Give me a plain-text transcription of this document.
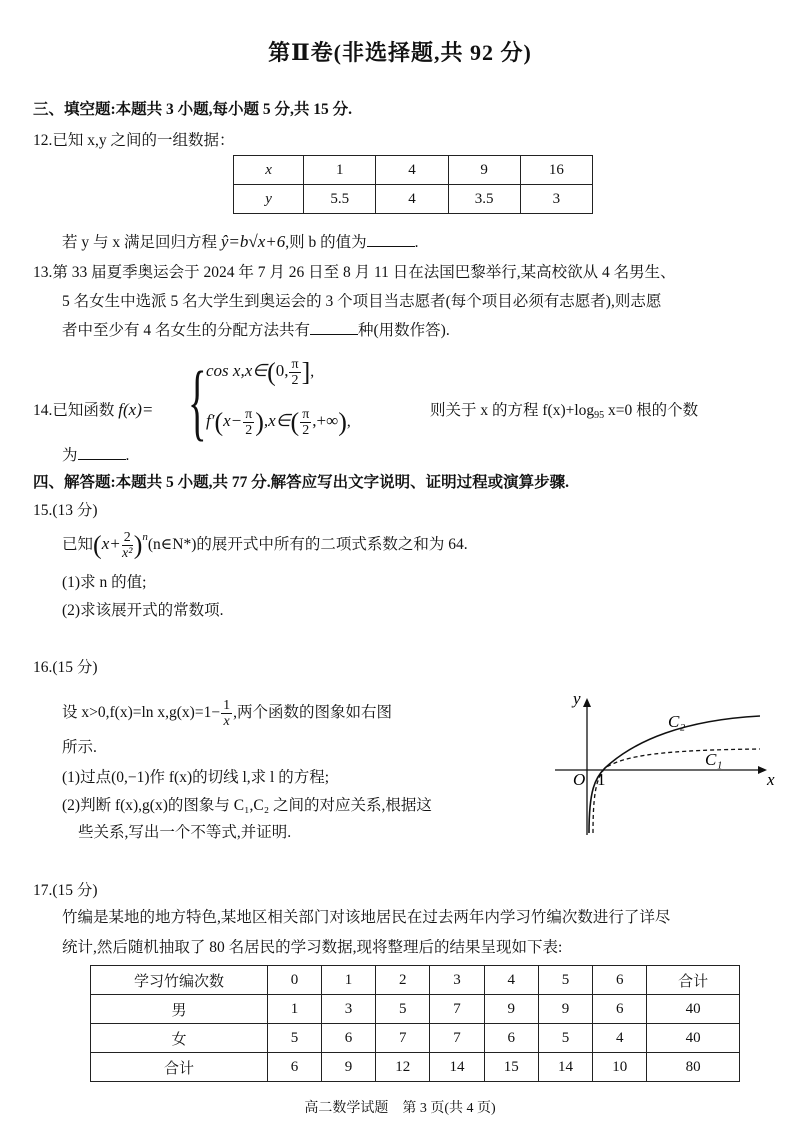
第Ⅱ卷(非选择题,共 92 分)
三、填空题:本题共 3 小题,每小题 5 分,共 15 分.
12.已知 x,y 之间的一组数据：
x	1	4	9	16
y	5.5	4	3.5	3
若 y 与 x 满足回归方程 ŷ=b√x+6,则 b 的值为	.
13.第 33 届夏季奥运会于 2024 年 7 月 26 日至 8 月 11 日在法国巴黎举行,某高校欲从 4 名男生、
5 名女生中选派 5 名大学生到奥运会的 3 个项目当志愿者(每个项目必须有志愿者),则志愿
者中至少有 4 名女生的分配方法共有	种(用数作答).
14.已知函数 f(x)= { cos x,x∈(0, $\frac{\pi}{2}$ ],
$f'(x- \frac{\pi}{2}$ ),x∈( $\frac{\pi}{2}$ ,+∞),
则关于 x 的方程 $f(x)+\log_{95}$ x=0 根的个数
为	.
四、解答题:本题共 5 小题,共 77 分.解答应写出文字说明、证明过程或演算步骤.
15.(13 分)
已知($x+ \frac{2}{\text{x²}}$ )$^n(n\in N*)$的展开式中所有的二项式系数之和为 64.
(1)求 n 的值;
(2)求该展开式的常数项.
16.(15 分)
设 x>0,f(x)=ln $x,g(x)=1- \frac{1}{x}$ ,两个函数的图象如右图
所示.
(1)过点(0,−1)作 f(x)的切线 l,求 l 的方程;
(2)判断 f(x),g(x)的图象与 C₁,C₂ 之间的对应关系,根据这
些关系,写出一个不等式,并证明.
y
x
O 1
C₂
C₁
17.(15 分)
竹编是某地的地方特色,某地区相关部门对该地居民在过去两年内学习竹编次数进行了详尽
统计,然后随机抽取了 80 名居民的学习数据,现将整理后的结果呈现如下表:
学习竹编次数	0	1	2	3	4	5	6	合计
男	1	3	5	7	9	9	6	40
女	5	6	7	7	6	5	4	40
合计	6	9	12	14	15	14	10	80
高二数学试题　第 3 页(共 4 页)
